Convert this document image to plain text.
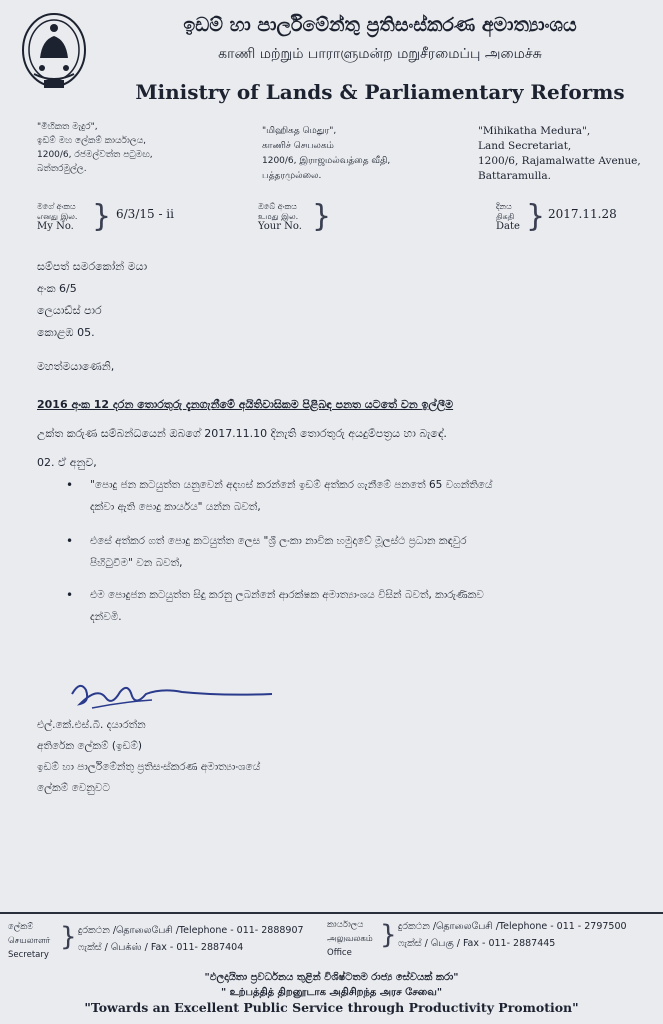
ඉඩම් හා පාර්ලිමේන්තු ප්‍රතිසංස්කරණ අමාත්‍යාංශය
காணி மற்றும் பாராளுமன்ற மறுசீரமைப்பு அமைச்சு
Ministry of Lands & Parliamentary Reforms
"මිහිකත මැදුර",
ඉඩම් මහ ලේකම් කාර්යාලය,
1200/6, රජමල්වත්ත පටුමඟ,
බත්තරමුල්ල.
"மிஹிகத மெதுர",
காணிச் செயலகம்
1200/6, இராஜமல்வத்தை வீதி,
பத்தரமுல்லை.
"Mihikatha Medura",
Land Secretariat,
1200/6, Rajamalwatte Avenue,
Battaramulla.
මගේ අංකය
எனது இல.
My No. } 6/3/15 - ii
ඔබේ අංකය
உமது இல.
Your No. }	දිනය
திகதி
Date } 2017.11.28
සම්පත් සමරකෝන් මයා
අංක 6/5
ලෙයාඩ්ස් පාර
කොළඹ 05.
මහත්මයාණෙනි,
2016 අංක 12 දරන තොරතුරු දැනගැනීමේ අයිතිවාසිකම පිළිබඳ පනත යටතේ වන ඉල්ලීම
උක්ත කරුණ සම්බන්ධයෙන් ඔබගේ 2017.11.10 දිනැති තොරතුරු අයදුම්පත්‍රය හා බැඳේ.
02. ඒ අනුව,
• "පොදු ජන කටයුත්ත යනුවෙන් අදහස් කරන්නේ ඉඩම් අත්කර ගැනීමේ පනතේ 65 වගන්තියේ
දක්වා ඇති පොදු කාර්යය" යන්න බවත්,
• එසේ අත්කර ගත් පොදු කටයුත්ත ලෙස "ශ්‍රී ලංකා නාවික හමුදාවේ මූලස්ථ ප්‍රධාන කඳවුර
පිහිටුවීම" වන බවත්,
• එම පොදුජන කටයුත්ත සිදු කරනු ලබන්නේ ආරක්ෂක අමාත්‍යාංශය විසින් බවත්, කාරුණිකව
දන්වමි.
එල්.කේ.එස්.බී. දයාරත්න
අතිරේක ලේකම් (ඉඩම්)
ඉඩම් හා පාර්ලිමේන්තු ප්‍රතිසංස්කරණ අමාත්‍යාංශයේ
ලේකම් වෙනුවට
ලේකම්
செயலாளர்
Secretary
} දුරකථන /தொலைபேசி /Telephone - 011- 2888907
ෆැක්ස් / பெக்ஸ் / Fax - 011- 2887404
කාර්යාලය
அலுவலகம்
Office
} දුරකථන /தொலைபேசி /Telephone - 011 - 2797500
ෆැක්ස් / பெகு / Fax - 011- 2887445
"ඵලදායිතා ප්‍රවර්ධනය තුළින් විශිෂ්ටතම රාජ්‍ය සේවයක් කරා"
" உற்பத்தித் திறனூடாக அதிசிறந்த அரச சேவை"
"Towards an Excellent Public Service through Productivity Promotion"
